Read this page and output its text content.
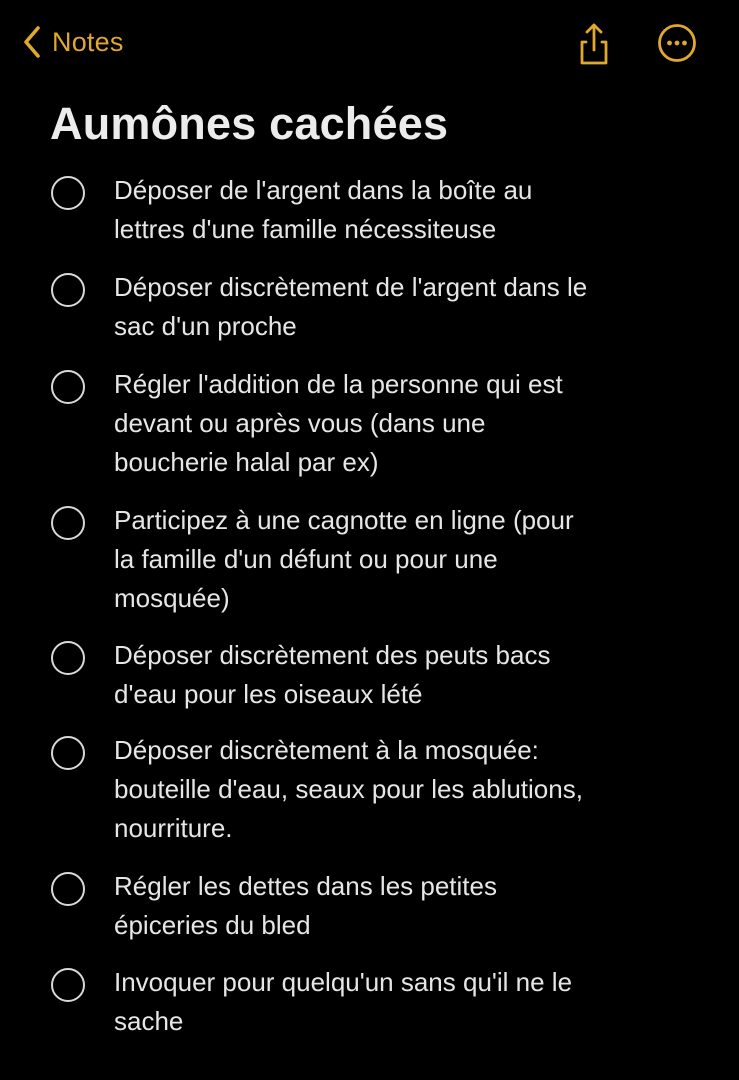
Notes
Aumônes cachées
Déposer de l'argent dans la boîte au
lettres d'une famille nécessiteuse
Déposer discrètement de l'argent dans le
sac d'un proche
Régler l'addition de la personne qui est
devant ou après vous (dans une
boucherie halal par ex)
Participez à une cagnotte en ligne (pour
la famille d'un défunt ou pour une
mosquée)
Déposer discrètement des peuts bacs
d'eau pour les oiseaux lété
Déposer discrètement à la mosquée:
bouteille d'eau, seaux pour les ablutions,
nourriture.
Régler les dettes dans les petites
épiceries du bled
Invoquer pour quelqu'un sans qu'il ne le
sache
